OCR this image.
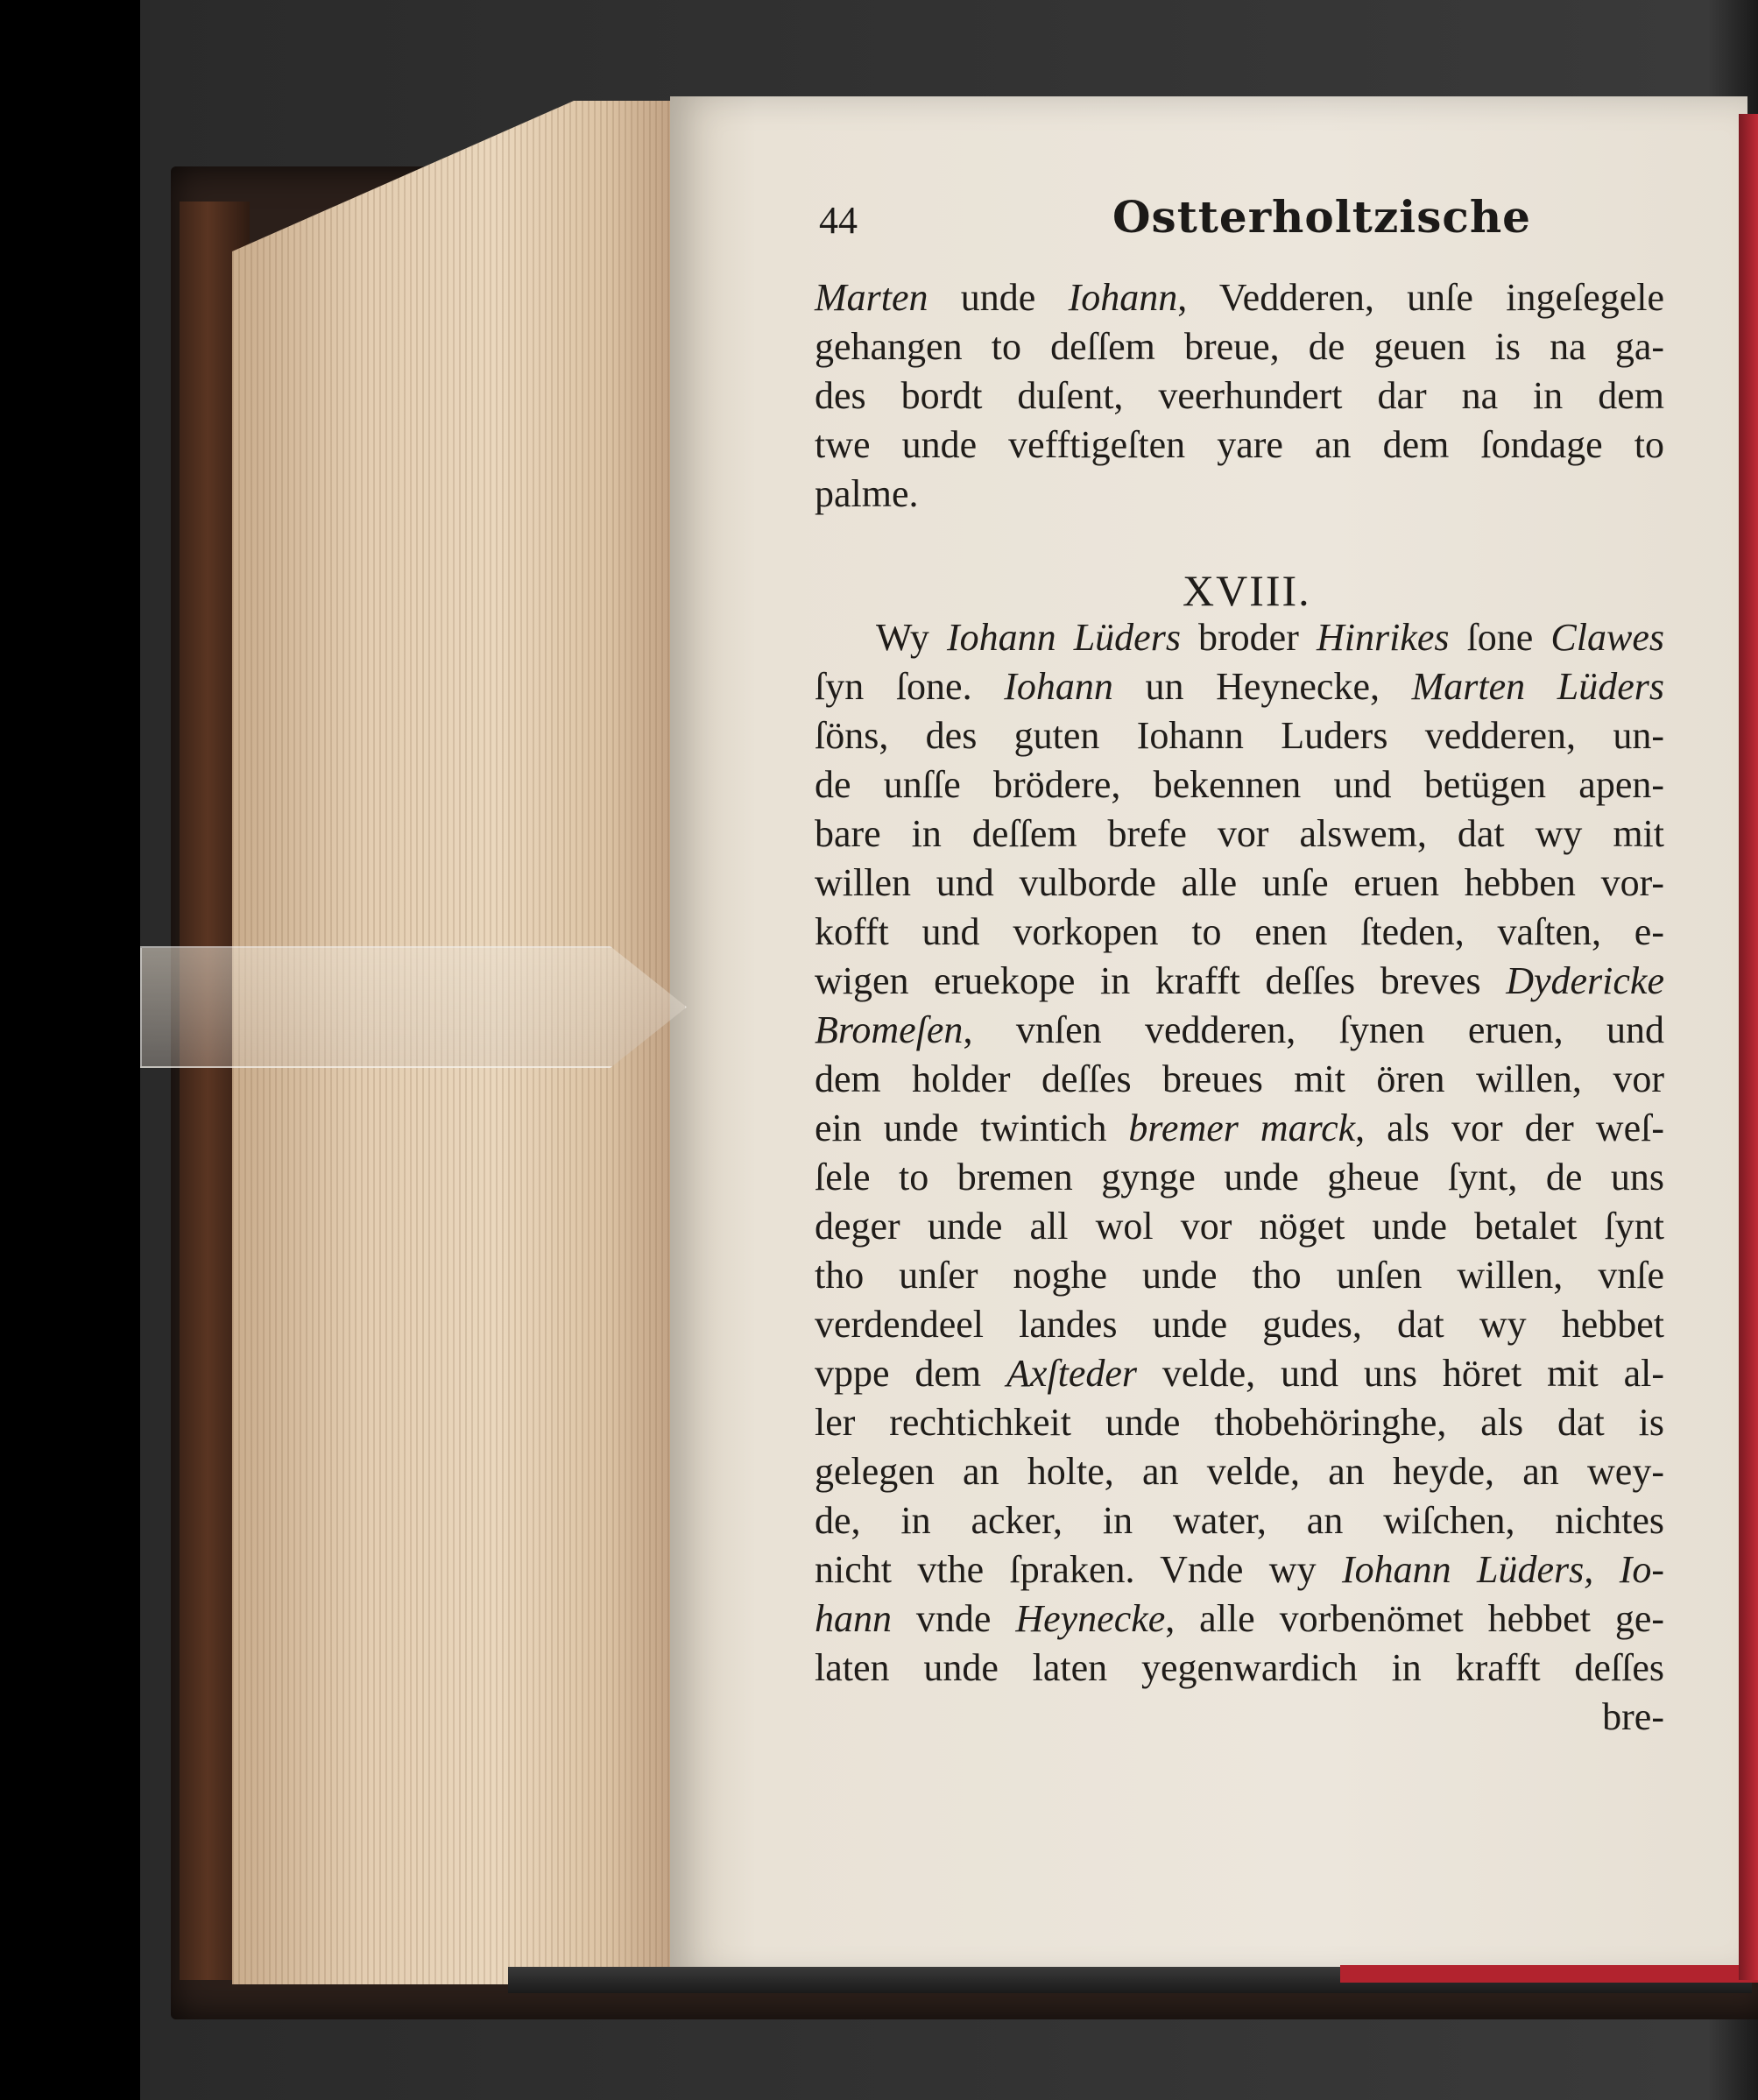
44	Ostterholtzische
XVIII.
Marten unde Iohann, Vedderen, unſe ingeſegele
gehangen to deſſem breue, de geuen is na ga-
des bordt duſent, veerhundert dar na in dem
twe unde vefftigeſten yare an dem ſondage to
palme.
Wy Iohann Lüders broder Hinrikes ſone Clawes
ſyn ſone. Iohann un Heynecke, Marten Lüders
ſöns, des guten Iohann Luders vedderen, un-
de unſſe brödere, bekennen und betügen apen-
bare in deſſem brefe vor alswem, dat wy mit
willen und vulborde alle unſe eruen hebben vor-
kofft und vorkopen to enen ſteden, vaſten, e-
wigen eruekope in krafft deſſes breves Dydericke
Bromeſen, vnſen vedderen, ſynen eruen, und
dem holder deſſes breues mit ören willen, vor
ein unde twintich bremer marck, als vor der weſ-
ſele to bremen gynge unde gheue ſynt, de uns
deger unde all wol vor nöget unde betalet ſynt
tho unſer noghe unde tho unſen willen, vnſe
verdendeel landes unde gudes, dat wy hebbet
vppe dem Axſteder velde, und uns höret mit al-
ler rechtichkeit unde thobehöringhe, als dat is
gelegen an holte, an velde, an heyde, an wey-
de, in acker, in water, an wiſchen, nichtes
nicht vthe ſpraken. Vnde wy Iohann Lüders, Io-
hann vnde Heynecke, alle vorbenömet hebbet ge-
laten unde laten yegenwardich in krafft deſſes
bre-
